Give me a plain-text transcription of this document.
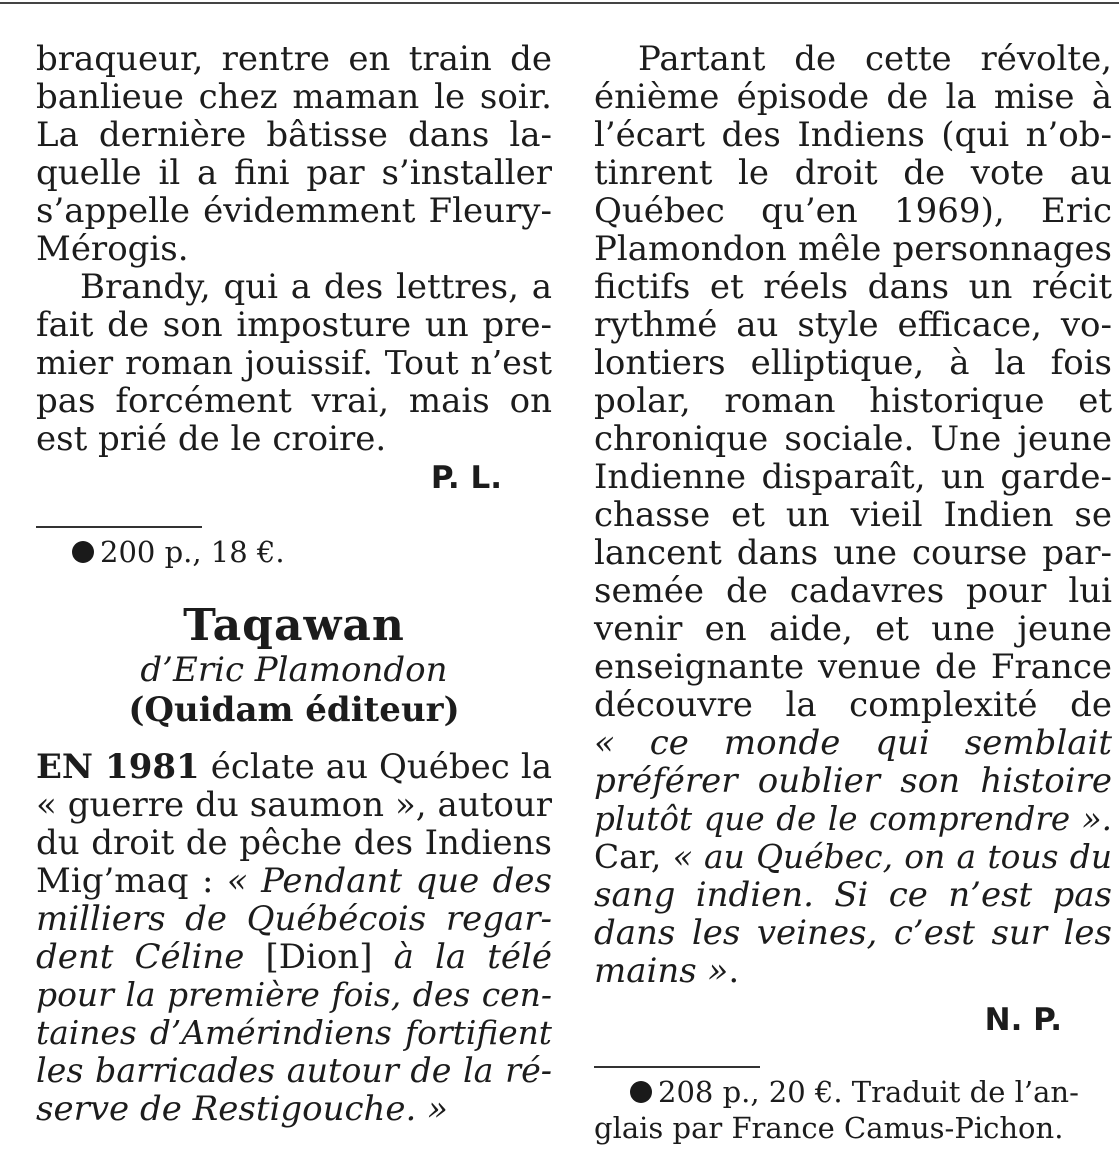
braqueur, rentre en train de
banlieue chez maman le soir.
La dernière bâtisse dans la-
quelle il a fini par s’installer
s’appelle évidemment Fleury-
Mérogis.
Brandy, qui a des lettres, a
fait de son imposture un pre-
mier roman jouissif. Tout n’est
pas forcément vrai, mais on
est prié de le croire.
P. L.
200 p., 18 €.
Taqawan
d’Eric Plamondon
(Quidam éditeur)
EN 1981 éclate au Québec la
« guerre du saumon », autour
du droit de pêche des Indiens
Mig’maq : « Pendant que des
milliers de Québécois regar-
dent Céline [Dion] à la télé
pour la première fois, des cen-
taines d’Amérindiens fortifient
les barricades autour de la ré-
serve de Restigouche. »
Partant de cette révolte,
énième épisode de la mise à
l’écart des Indiens (qui n’ob-
tinrent le droit de vote au
Québec qu’en 1969), Eric
Plamondon mêle personnages
fictifs et réels dans un récit
rythmé au style efficace, vo-
lontiers elliptique, à la fois
polar, roman historique et
chronique sociale. Une jeune
Indienne disparaît, un garde-
chasse et un vieil Indien se
lancent dans une course par-
semée de cadavres pour lui
venir en aide, et une jeune
enseignante venue de France
découvre la complexité de
« ce monde qui semblait
préférer oublier son histoire
plutôt que de le comprendre ».
Car, « au Québec, on a tous du
sang indien. Si ce n’est pas
dans les veines, c’est sur les
mains ».
N. P.
208 p., 20 €. Traduit de l’an-
glais par France Camus-Pichon.
